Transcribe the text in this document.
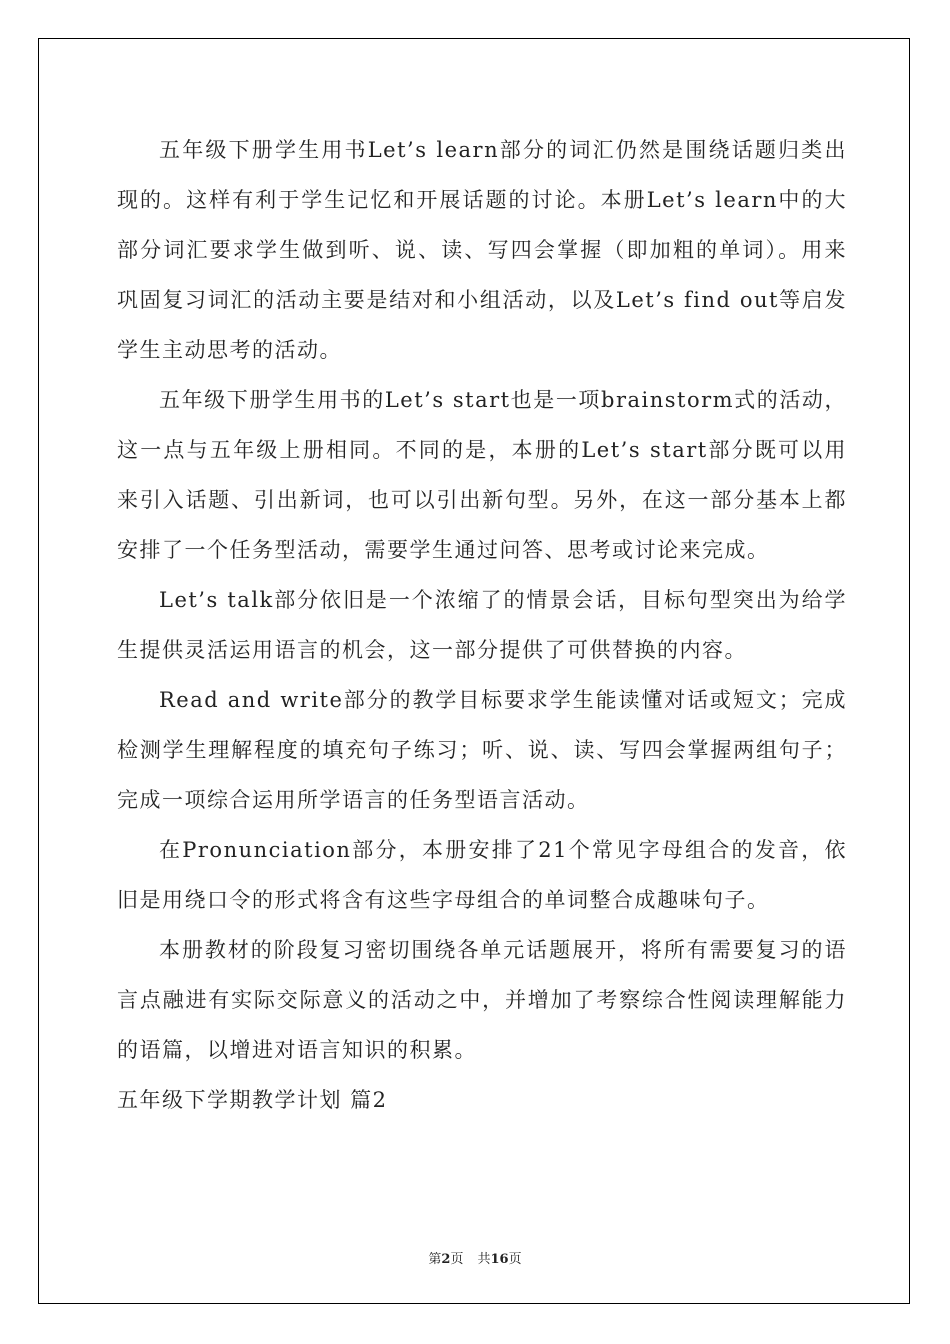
五年级下册学生用书Let’s learn部分的词汇仍然是围绕话题归类出现的。这样有利于学生记忆和开展话题的讨论。本册Let’s learn中的大部分词汇要求学生做到听、说、读、写四会掌握（即加粗的单词）。用来巩固复习词汇的活动主要是结对和小组活动，以及Let’s find out等启发学生主动思考的活动。

五年级下册学生用书的Let’s start也是一项brainstorm式的活动，这一点与五年级上册相同。不同的是，本册的Let’s start部分既可以用来引入话题、引出新词，也可以引出新句型。另外，在这一部分基本上都安排了一个任务型活动，需要学生通过问答、思考或讨论来完成。

Let’s talk部分依旧是一个浓缩了的情景会话，目标句型突出为给学生提供灵活运用语言的机会，这一部分提供了可供替换的内容。

Read and write部分的教学目标要求学生能读懂对话或短文；完成检测学生理解程度的填充句子练习；听、说、读、写四会掌握两组句子；完成一项综合运用所学语言的任务型语言活动。

在Pronunciation部分，本册安排了21个常见字母组合的发音，依旧是用绕口令的形式将含有这些字母组合的单词整合成趣味句子。

本册教材的阶段复习密切围绕各单元话题展开，将所有需要复习的语言点融进有实际交际意义的活动之中，并增加了考察综合性阅读理解能力的语篇，以增进对语言知识的积累。

五年级下学期教学计划 篇2

第2页 共16页
